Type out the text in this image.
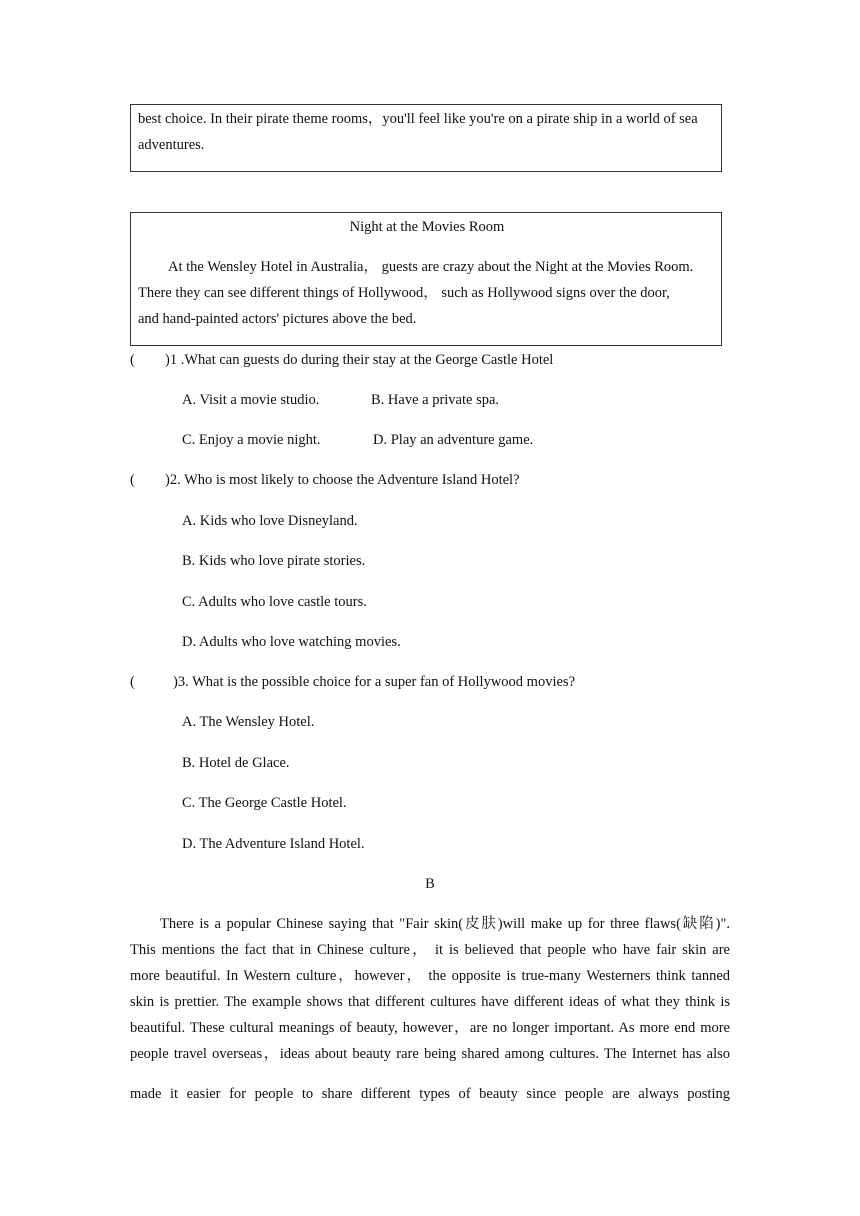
best choice. In their pirate theme rooms，you'll feel like you're on a pirate ship in a world of sea
adventures.
Night at the Movies Room
At the Wensley Hotel in Australia， guests are crazy about the Night at the Movies Room.
There they can see different things of Hollywood， such as Hollywood signs over the door,
and hand-painted actors' pictures above the bed.
( )1 .What can guests do during their stay at the George Castle Hotel
A. Visit a movie studio.	B. Have a private spa.
C. Enjoy a movie night.	D. Play an adventure game.
( )2. Who is most likely to choose the Adventure Island Hotel?
A. Kids who love Disneyland.
B. Kids who love pirate stories.
C. Adults who love castle tours.
D. Adults who love watching movies.
(	)3. What is the possible choice for a super fan of Hollywood movies?
A. The Wensley Hotel.
B. Hotel de Glace.
C. The George Castle Hotel.
D. The Adventure Island Hotel.
B
There is a popular Chinese saying that "Fair skin(皮肤)will make up for three flaws(缺陷)".
This mentions the fact that in Chinese culture， it is believed that people who have fair skin are
more beautiful. In Western culture，however， the opposite is true-many Westerners think tanned
skin is prettier. The example shows that different cultures have different ideas of what they think is
beautiful. These cultural meanings of beauty, however，are no longer important. As more end more
people travel overseas，ideas about beauty rare being shared among cultures. The Internet has also
made it easier for people to share different types of beauty since people are always posting
